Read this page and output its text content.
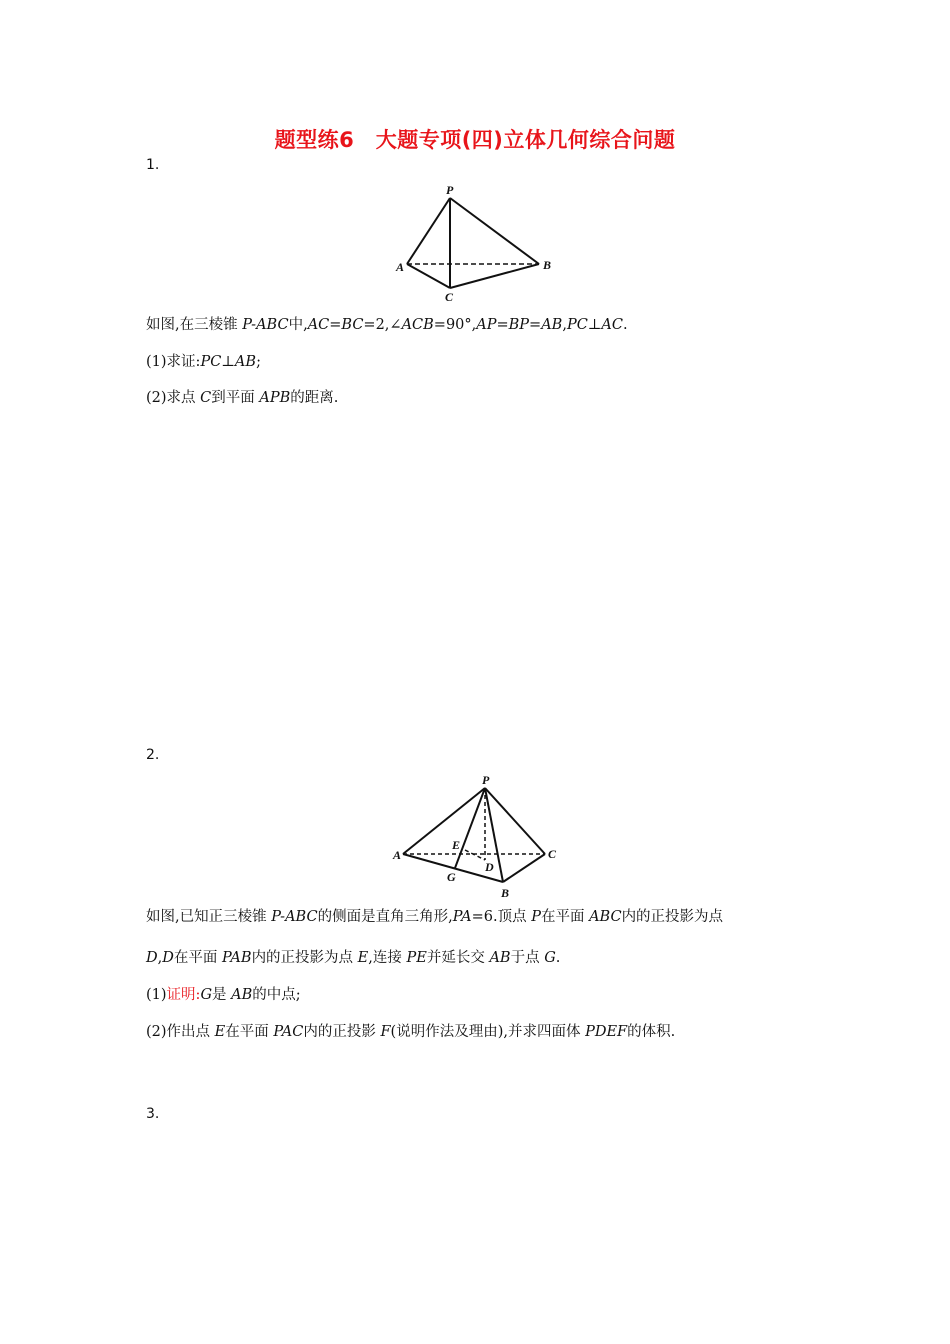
题型练6　大题专项(四)立体几何综合问题
1.
P
A	B
C
如图,在三棱锥 P-ABC中,AC=BC=2,∠ACB=90°,AP=BP=AB,PC⊥AC.
(1)求证:PC⊥AB;
(2)求点 C到平面 APB的距离.
2.
P
A	C
E
D
G
B
如图,已知正三棱锥 P-ABC的侧面是直角三角形,PA=6.顶点 P在平面 ABC内的正投影为点
D,D在平面 PAB内的正投影为点 E,连接 PE并延长交 AB于点 G.
(1)证明:G是 AB的中点;
(2)作出点 E在平面 PAC内的正投影 F(说明作法及理由),并求四面体 PDEF的体积.
3.
